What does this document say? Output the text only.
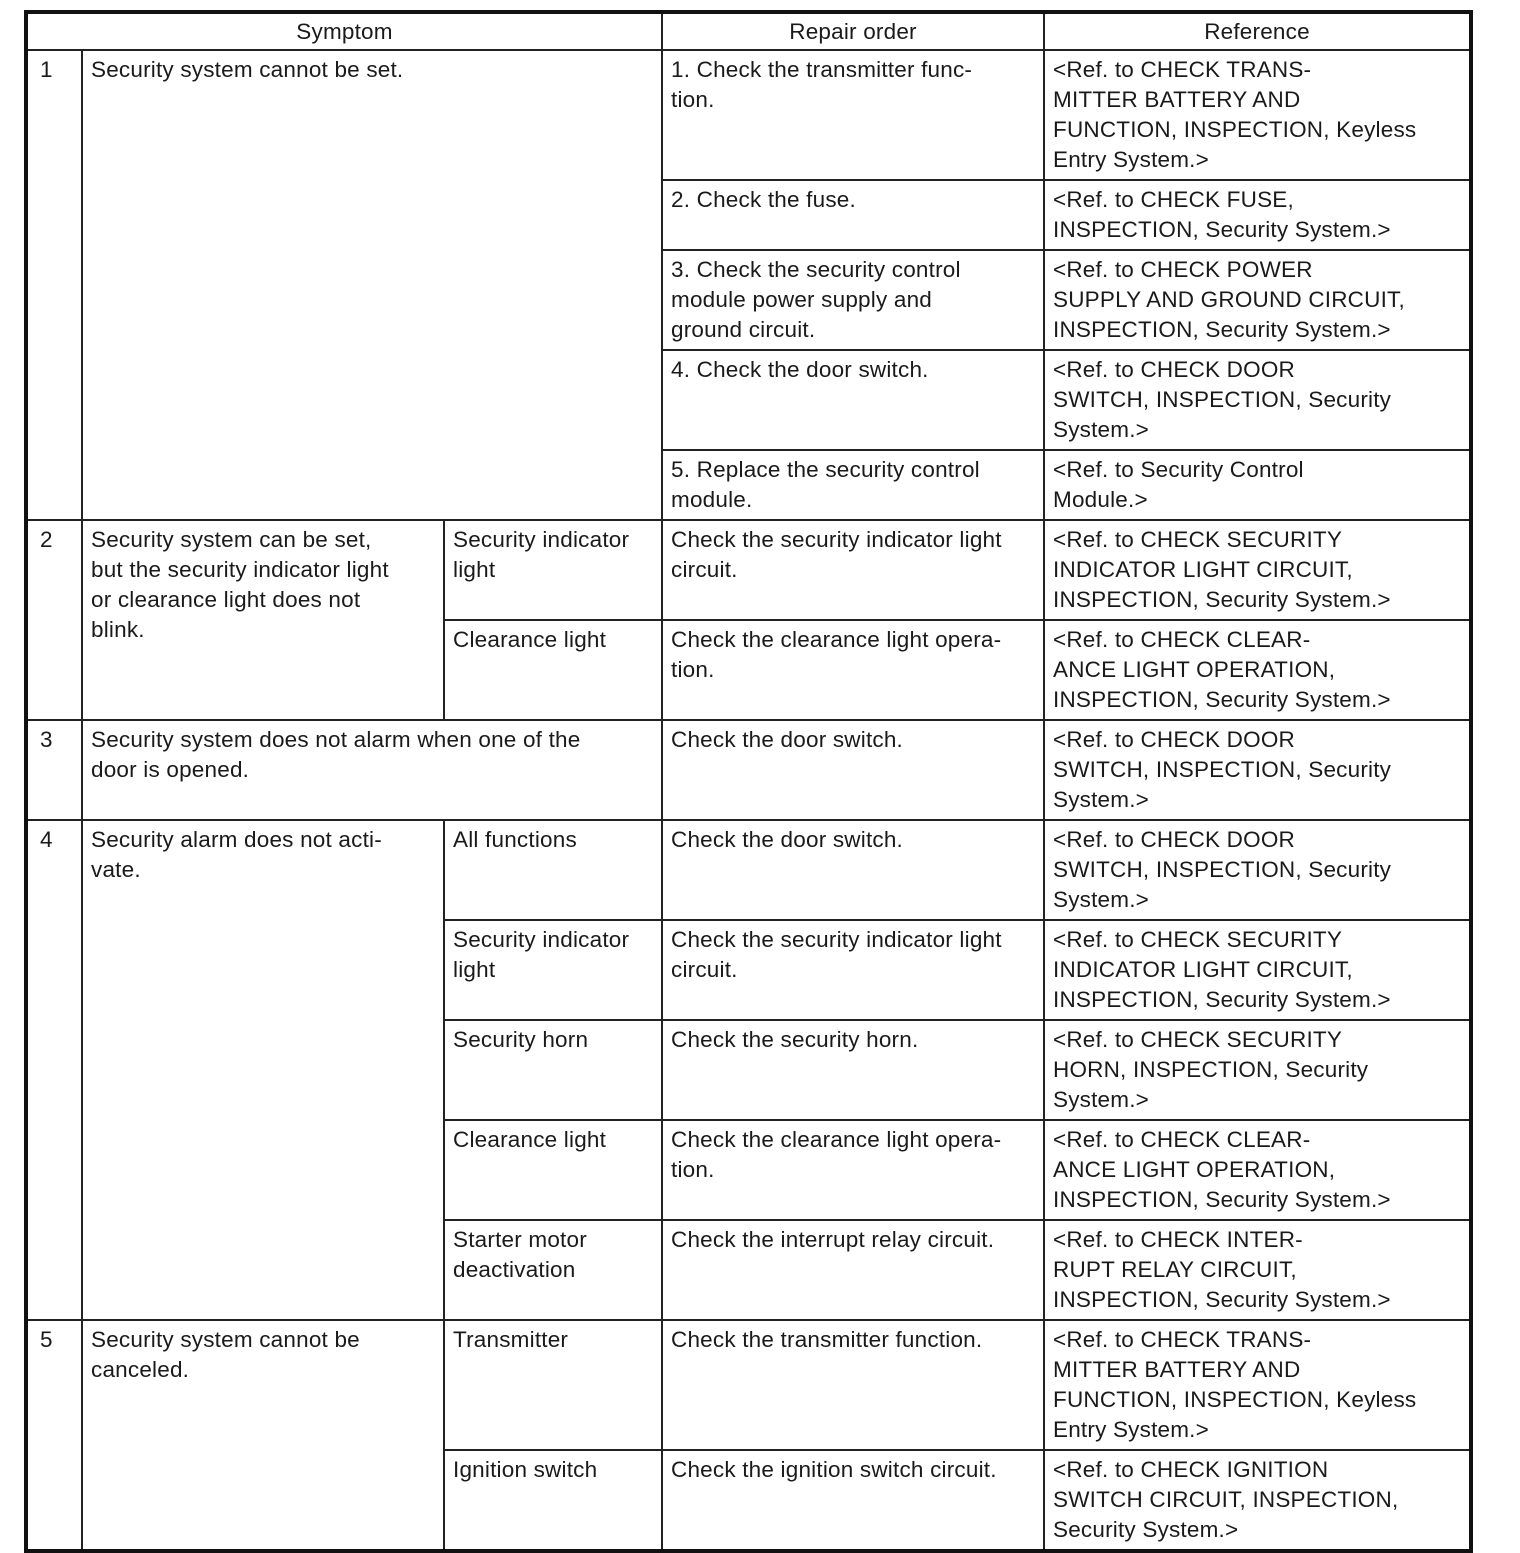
Symptom			Repair order	Reference
1	Security system cannot be set.		1. Check the transmitter func-
tion.	<Ref. to CHECK TRANS-
MITTER BATTERY AND
FUNCTION, INSPECTION, Keyless
Entry System.>
			2. Check the fuse.	<Ref. to CHECK FUSE,
INSPECTION, Security System.>
			3. Check the security control
module power supply and
ground circuit.	<Ref. to CHECK POWER
SUPPLY AND GROUND CIRCUIT,
INSPECTION, Security System.>
			4. Check the door switch.	<Ref. to CHECK DOOR
SWITCH, INSPECTION, Security
System.>
			5. Replace the security control
module.	<Ref. to Security Control
Module.>
2	Security system can be set,
but the security indicator light
or clearance light does not
blink.	Security indicator
light	Check the security indicator light
circuit.	<Ref. to CHECK SECURITY
INDICATOR LIGHT CIRCUIT,
INSPECTION, Security System.>
		Clearance light	Check the clearance light opera-
tion.	<Ref. to CHECK CLEAR-
ANCE LIGHT OPERATION,
INSPECTION, Security System.>
3	Security system does not alarm when one of the
door is opened.		Check the door switch.	<Ref. to CHECK DOOR
SWITCH, INSPECTION, Security
System.>
4	Security alarm does not acti-
vate.	All functions	Check the door switch.	<Ref. to CHECK DOOR
SWITCH, INSPECTION, Security
System.>
		Security indicator
light	Check the security indicator light
circuit.	<Ref. to CHECK SECURITY
INDICATOR LIGHT CIRCUIT,
INSPECTION, Security System.>
		Security horn	Check the security horn.	<Ref. to CHECK SECURITY
HORN, INSPECTION, Security
System.>
		Clearance light	Check the clearance light opera-
tion.	<Ref. to CHECK CLEAR-
ANCE LIGHT OPERATION,
INSPECTION, Security System.>
		Starter motor
deactivation	Check the interrupt relay circuit.	<Ref. to CHECK INTER-
RUPT RELAY CIRCUIT,
INSPECTION, Security System.>
5	Security system cannot be
canceled.	Transmitter	Check the transmitter function.	<Ref. to CHECK TRANS-
MITTER BATTERY AND
FUNCTION, INSPECTION, Keyless
Entry System.>
		Ignition switch	Check the ignition switch circuit.	<Ref. to CHECK IGNITION
SWITCH CIRCUIT, INSPECTION,
Security System.>
